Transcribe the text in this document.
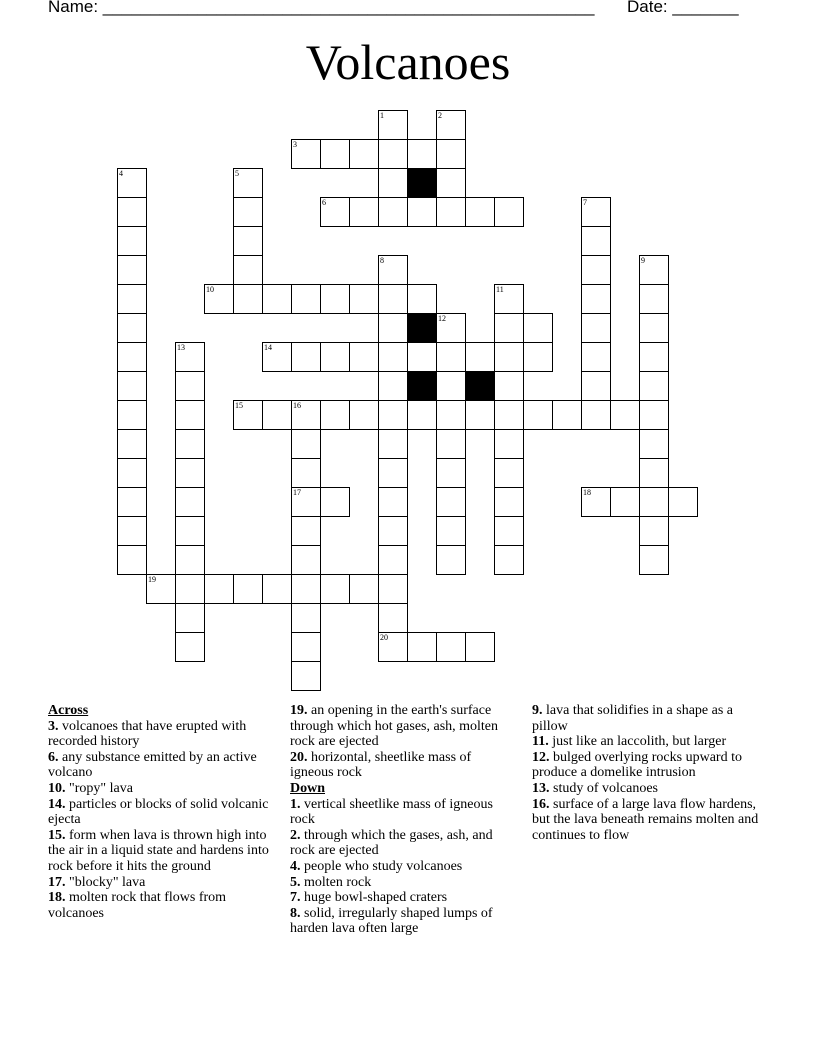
Name: ____________________________________________________ Date: _______
Volcanoes
1	2
3
4	5
6	7
8	9
10	11
12
13	14
15	16
17	18
19
20

Across

3. volcanoes that have erupted with recorded history

6. any substance emitted by an active volcano

10. "ropy" lava

14. particles or blocks of solid volcanic ejecta

15. form when lava is thrown high into the air in a liquid state and hardens into rock before it hits the ground

17. "blocky" lava

18. molten rock that flows from volcanoes

19. an opening in the earth's surface through which hot gases, ash, molten rock are ejected

20. horizontal, sheetlike mass of igneous rock

Down

1. vertical sheetlike mass of igneous rock

2. through which the gases, ash, and rock are ejected

4. people who study volcanoes

5. molten rock

7. huge bowl-shaped craters

8. solid, irregularly shaped lumps of harden lava often large

9. lava that solidifies in a shape as a pillow

11. just like an laccolith, but larger

12. bulged overlying rocks upward to produce a domelike intrusion

13. study of volcanoes

16. surface of a large lava flow hardens, but the lava beneath remains molten and continues to flow
